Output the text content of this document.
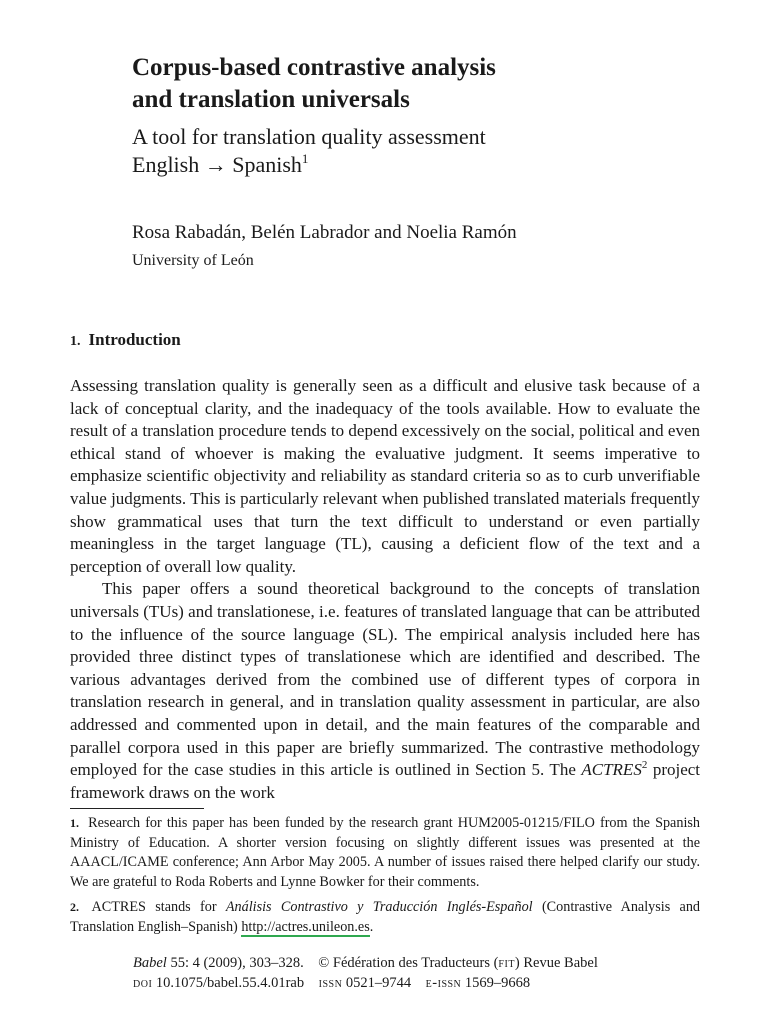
Corpus-based contrastive analysis
and translation universals
A tool for translation quality assessment
English → Spanish$^1$

Rosa Rabadán, Belén Labrador and Noelia Ramón

University of León

1. Introduction

Assessing translation quality is generally seen as a difficult and elusive task because of a lack of conceptual clarity, and the inadequacy of the tools available. How to evaluate the result of a translation procedure tends to depend excessively on the social, political and even ethical stand of whoever is making the evaluative judgment. It seems imperative to emphasize scientific objectivity and reliability as standard criteria so as to curb unverifiable value judgments. This is particularly relevant when published translated materials frequently show grammatical uses that turn the text difficult to understand or even partially meaningless in the target language (TL), causing a deficient flow of the text and a perception of overall low quality.

This paper offers a sound theoretical background to the concepts of translation universals (TUs) and translationese, i.e. features of translated language that can be attributed to the influence of the source language (SL). The empirical analysis included here has provided three distinct types of translationese which are identified and described. The various advantages derived from the combined use of different types of corpora in translation research in general, and in translation quality assessment in particular, are also addressed and commented upon in detail, and the main features of the comparable and parallel corpora used in this paper are briefly summarized. The contrastive methodology employed for the case studies in this article is outlined in Section 5. The ACTRES$^2$ project framework draws on the work

1. Research for this paper has been funded by the research grant HUM2005-01215/FILO from the Spanish Ministry of Education. A shorter version focusing on slightly different issues was presented at the AAACL/ICAME conference; Ann Arbor May 2005. A number of issues raised there helped clarify our study. We are grateful to Roda Roberts and Lynne Bowker for their comments.

2. ACTRES stands for Análisis Contrastivo y Traducción Inglés-Español (Contrastive Analysis and Translation English–Spanish) http://actres.unileon.es.

Babel 55: 4 (2009), 303–328. © Fédération des Traducteurs (fit) Revue Babel
doi 10.1075/babel.55.4.01rab issn 0521–9744 e-issn 1569–9668
